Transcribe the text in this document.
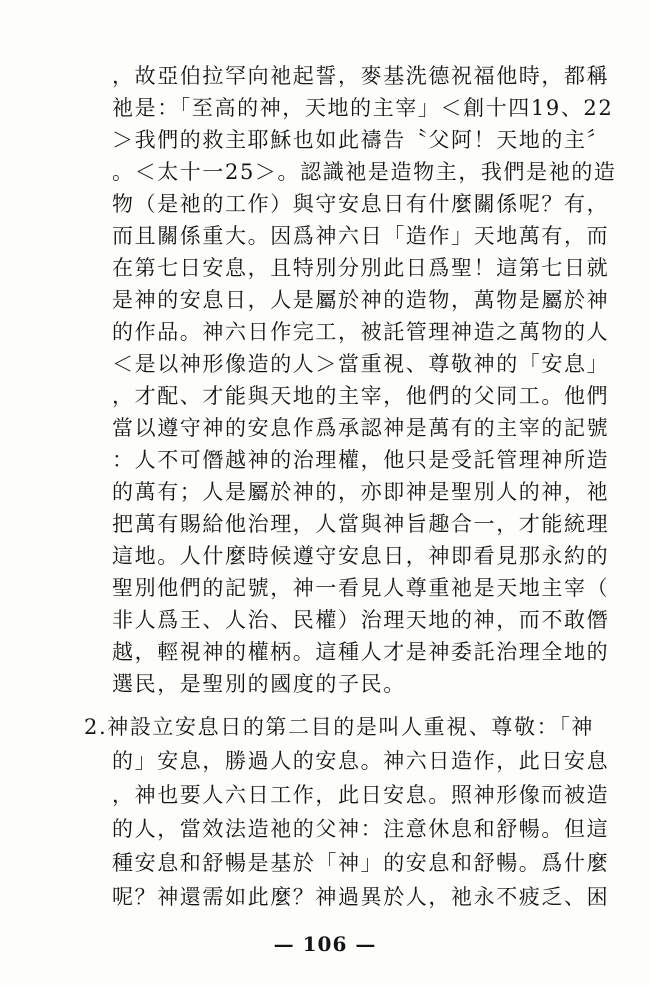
，故亞伯拉罕向祂起誓，麥基洗德祝福他時，都稱
祂是：「至高的神，天地的主宰」＜創十四19、22
＞我們的救主耶穌也如此禱告〝父阿！天地的主〞
。＜太十一25＞。認識祂是造物主，我們是祂的造
物（是祂的工作）與守安息日有什麼關係呢？有，
而且關係重大。因爲神六日「造作」天地萬有，而
在第七日安息，且特別分別此日爲聖！這第七日就
是神的安息日，人是屬於神的造物，萬物是屬於神
的作品。神六日作完工，被託管理神造之萬物的人
＜是以神形像造的人＞當重視、尊敬神的「安息」
，才配、才能與天地的主宰，他們的父同工。他們
當以遵守神的安息作爲承認神是萬有的主宰的記號
：人不可僭越神的治理權，他只是受託管理神所造
的萬有；人是屬於神的，亦即神是聖別人的神，祂
把萬有賜給他治理，人當與神旨趣合一，才能統理
這地。人什麼時候遵守安息日，神即看見那永約的
聖別他們的記號，神一看見人尊重祂是天地主宰（
非人爲王、人治、民權）治理天地的神，而不敢僭
越，輕視神的權柄。這種人才是神委託治理全地的
選民，是聖別的國度的子民。
2.神設立安息日的第二目的是叫人重視、尊敬：「神
的」安息，勝過人的安息。神六日造作，此日安息
，神也要人六日工作，此日安息。照神形像而被造
的人，當效法造祂的父神：注意休息和舒暢。但這
種安息和舒暢是基於「神」的安息和舒暢。爲什麼
呢？神還需如此麼？神過異於人，祂永不疲乏、困
— 106 —
